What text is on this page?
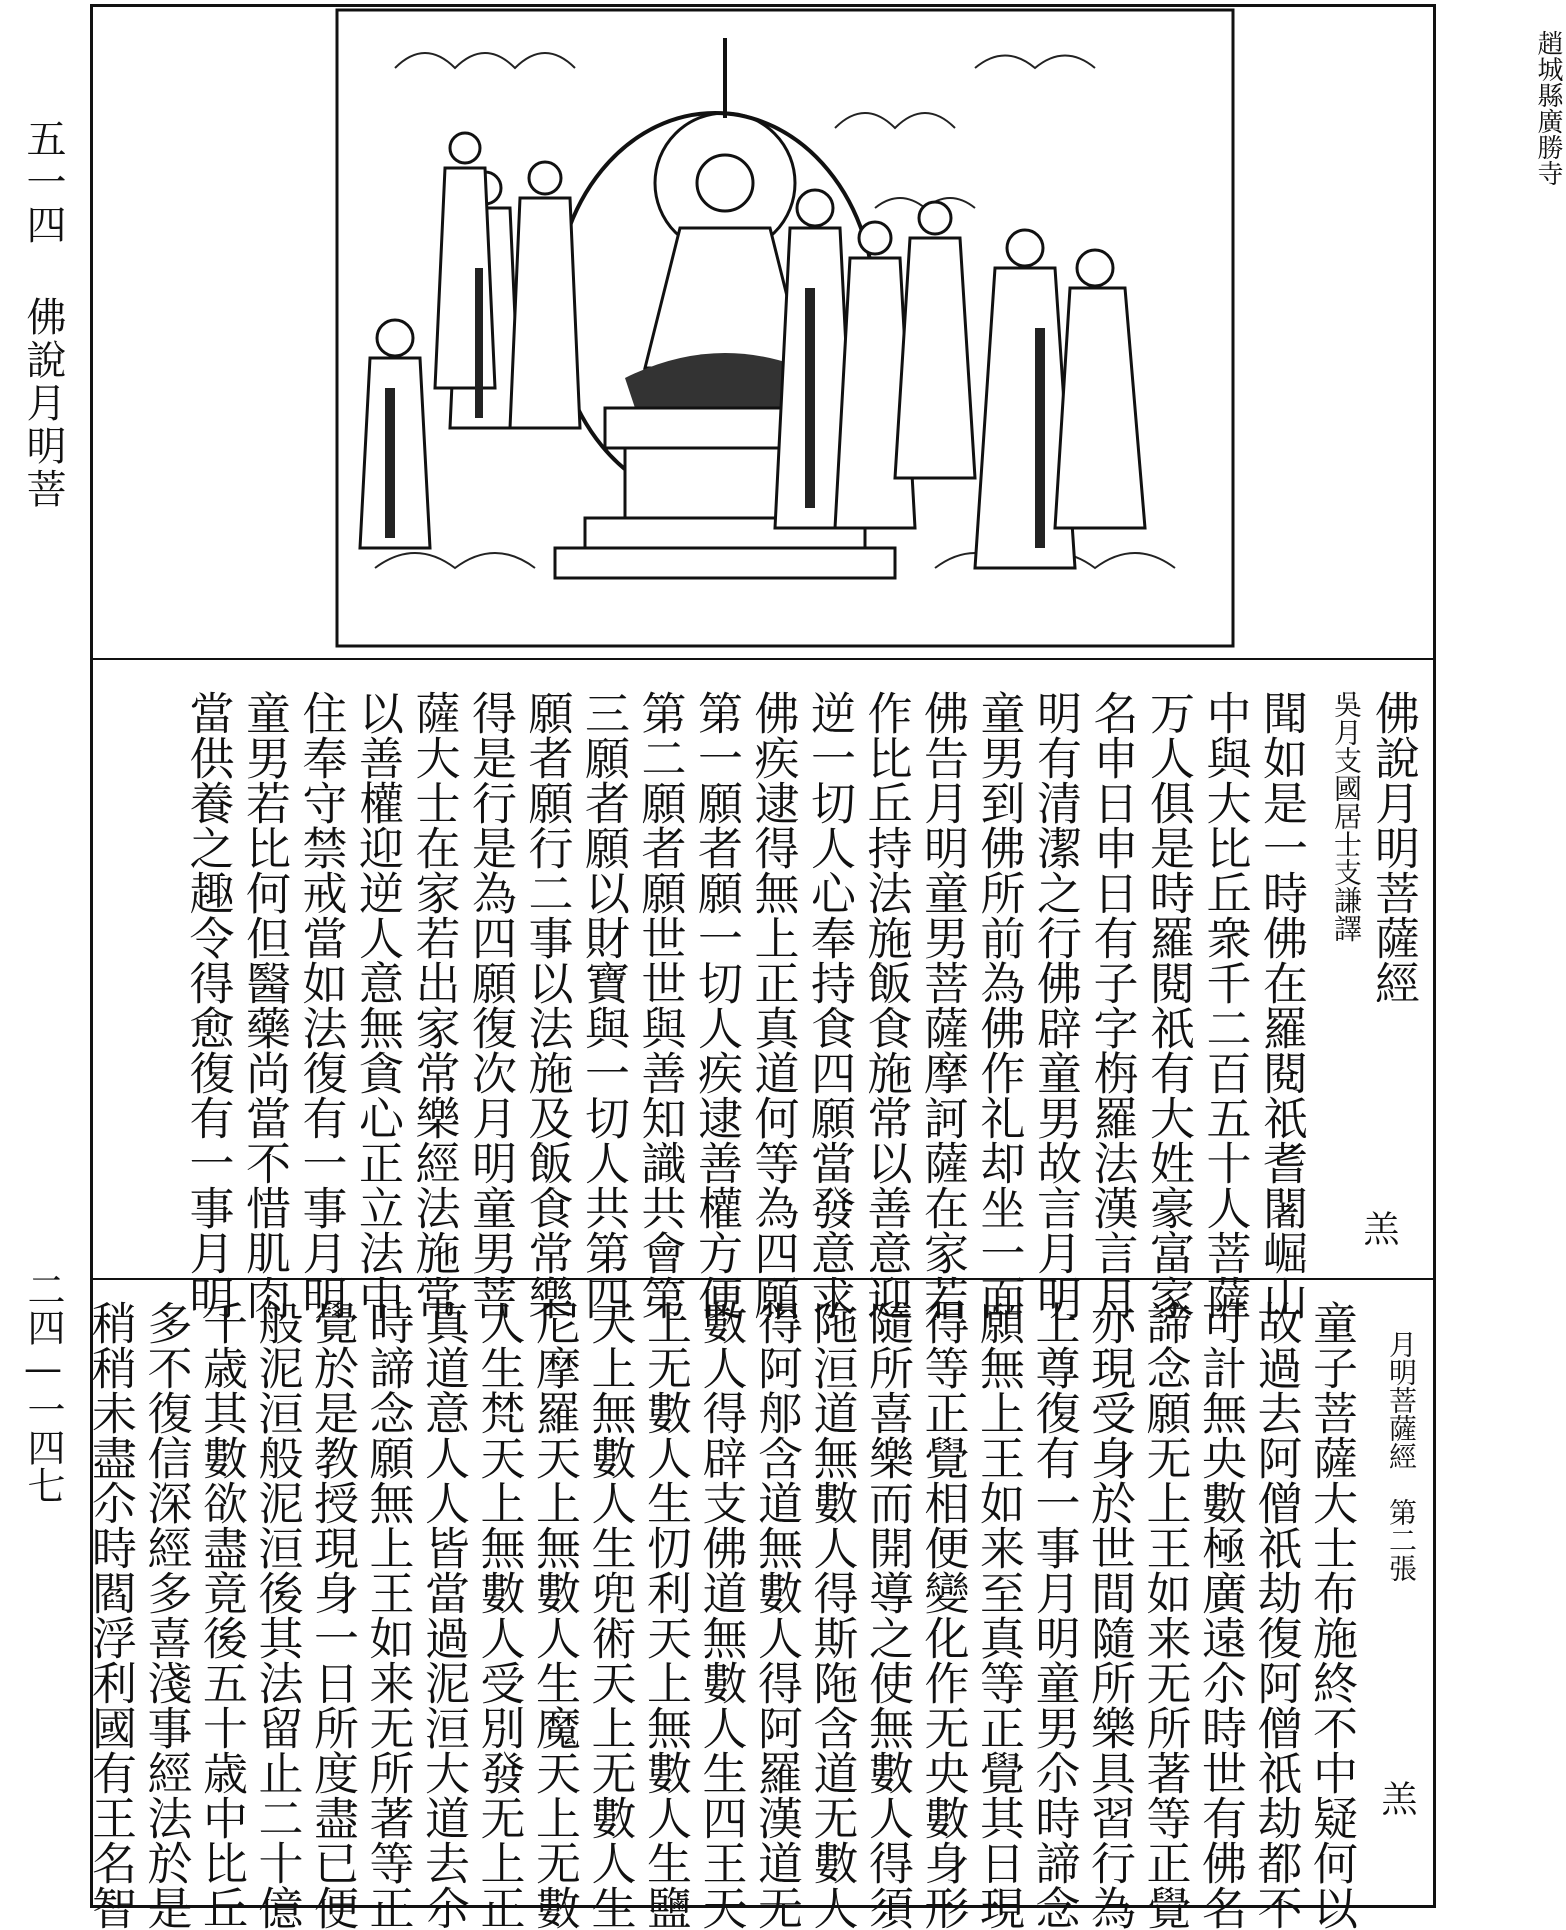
五一四 佛說月明菩
二四—一四七
趙城縣廣勝寺
佛說月明菩薩經
吳月支國居士支謙譯
羔
聞如是一時佛在羅閱祇耆闍崛山
中與大比丘衆千二百五十人菩薩
万人俱是時羅閱祇有大姓豪富家
名申日申日有子字栴羅法漢言月
明有清潔之行佛辟童男故言月明
童男到佛所前為佛作礼却坐一面
佛告月明童男菩薩摩訶薩在家若
作比丘持法施飯食施常以善意迎
逆一切人心奉持食四願當發意求
佛疾逮得無上正真道何等為四願
第一願者願一切人疾逮善權方便
第二願者願世世與善知識共會第
三願者願以財寶與一切人共第四
願者願行二事以法施及飯食常樂
得是行是為四願復次月明童男菩
薩大士在家若出家常樂經法施常
以善權迎逆人意無貪心正立法中
住奉守禁戒當如法復有一事月明
童男若比何但醫藥尚當不惜肌肉
當供養之趣令得愈復有一事月明
月明菩薩經　第二張
羔
童子菩薩大士布施終不中疑何以
故過去阿僧祇劫復阿僧祇劫都不
可計無央數極廣遠尒時世有佛名
諦念願无上王如来无所著等正覺
亦現受身於世間隨所樂具習行為
上尊復有一事月明童男尒時諦念
願無上王如来至真等正覺其日現
得等正覺相便變化作无央數身形
隨所喜樂而開導之使無數人得須
陁洹道無數人得斯陁含道无數人
得阿郍含道無數人得阿羅漢道无
數人得辟支佛道無數人生四王天
上无數人生忉利天上無數人生鹽
天上無數人生兜術天上无數人生
尼摩羅天上無數人生魔天上无數
人生梵天上無數人受別發无上正
真道意人人皆當過泥洹大道去尒
時諦念願無上王如来无所著等正
覺於是教授現身一日所度盡已便
般泥洹般泥洹後其法留止二十億
千歳其數欲盡竟後五十歳中比丘
多不復信深經多喜淺事經法於是
稍稍未盡尒時閻浮利國有王名智
